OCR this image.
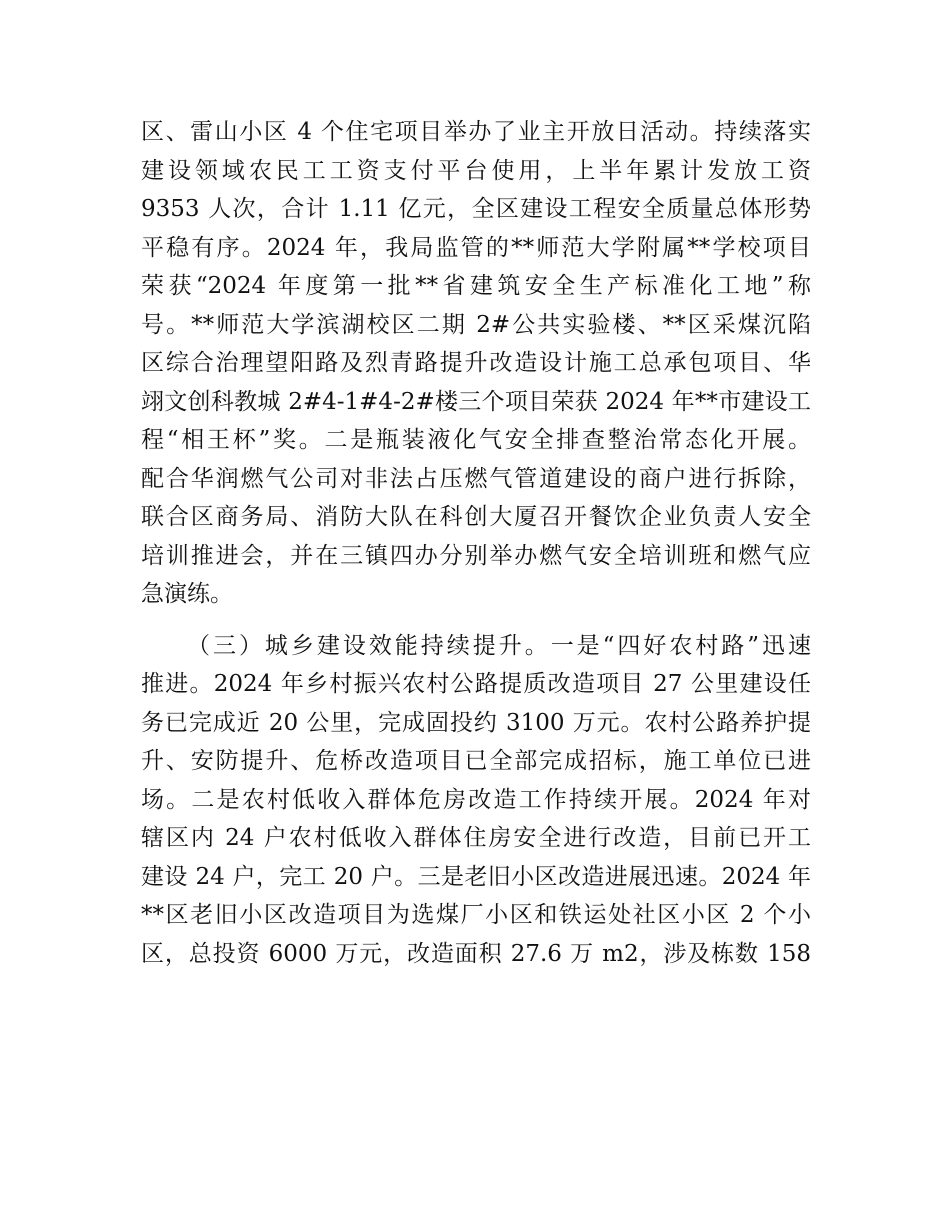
区、雷山小区 4 个住宅项目举办了业主开放日活动。持续落实
建设领域农民工工资支付平台使用，上半年累计发放工资
9353 人次，合计 1.11 亿元，全区建设工程安全质量总体形势
平稳有序。2024 年，我局监管的**师范大学附属**学校项目
荣获“2024 年度第一批**省建筑安全生产标准化工地”称
号。**师范大学滨湖校区二期 2#公共实验楼、**区采煤沉陷
区综合治理望阳路及烈青路提升改造设计施工总承包项目、华
翊文创科教城 2#4-1#4-2#楼三个项目荣获 2024 年**市建设工
程“相王杯”奖。二是瓶装液化气安全排查整治常态化开展。
配合华润燃气公司对非法占压燃气管道建设的商户进行拆除，
联合区商务局、消防大队在科创大厦召开餐饮企业负责人安全
培训推进会，并在三镇四办分别举办燃气安全培训班和燃气应
急演练。
（三）城乡建设效能持续提升。一是“四好农村路”迅速
推进。2024 年乡村振兴农村公路提质改造项目 27 公里建设任
务已完成近 20 公里，完成固投约 3100 万元。农村公路养护提
升、安防提升、危桥改造项目已全部完成招标，施工单位已进
场。二是农村低收入群体危房改造工作持续开展。2024 年对
辖区内 24 户农村低收入群体住房安全进行改造，目前已开工
建设 24 户，完工 20 户。三是老旧小区改造进展迅速。2024 年
**区老旧小区改造项目为选煤厂小区和铁运处社区小区 2 个小
区，总投资 6000 万元，改造面积 27.6 万 m2，涉及栋数 158
